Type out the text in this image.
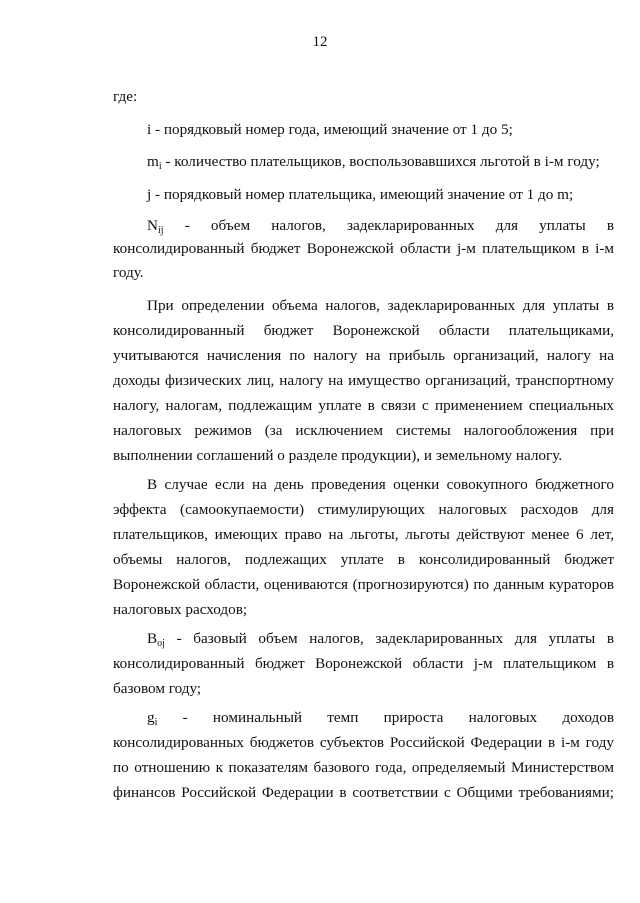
12
где:
i - порядковый номер года, имеющий значение от 1 до 5;
$m_i$ - количество плательщиков, воспользовавшихся льготой в i-м году;
j - порядковый номер плательщика, имеющий значение от 1 до m;
$N_{ij}$ - объем налогов, задекларированных для уплаты в
консолидированный бюджет Воронежской области j-м плательщиком в i-м
году.
При определении объема налогов, задекларированных для уплаты в
консолидированный бюджет Воронежской области плательщиками,
учитываются начисления по налогу на прибыль организаций, налогу на
доходы физических лиц, налогу на имущество организаций, транспортному
налогу, налогам, подлежащим уплате в связи с применением специальных
налоговых режимов (за исключением системы налогообложения при
выполнении соглашений о разделе продукции), и земельному налогу.
В случае если на день проведения оценки совокупного бюджетного
эффекта (самоокупаемости) стимулирующих налоговых расходов для
плательщиков, имеющих право на льготы, льготы действуют менее 6 лет,
объемы налогов, подлежащих уплате в консолидированный бюджет
Воронежской области, оцениваются (прогнозируются) по данным кураторов
налоговых расходов;
$B_{oj}$ - базовый объем налогов, задекларированных для уплаты в
консолидированный бюджет Воронежской области j-м плательщиком в
базовом году;
$g_i$ - номинальный темп прироста налоговых доходов
консолидированных бюджетов субъектов Российской Федерации в i-м году
по отношению к показателям базового года, определяемый Министерством
финансов Российской Федерации в соответствии с Общими требованиями;
